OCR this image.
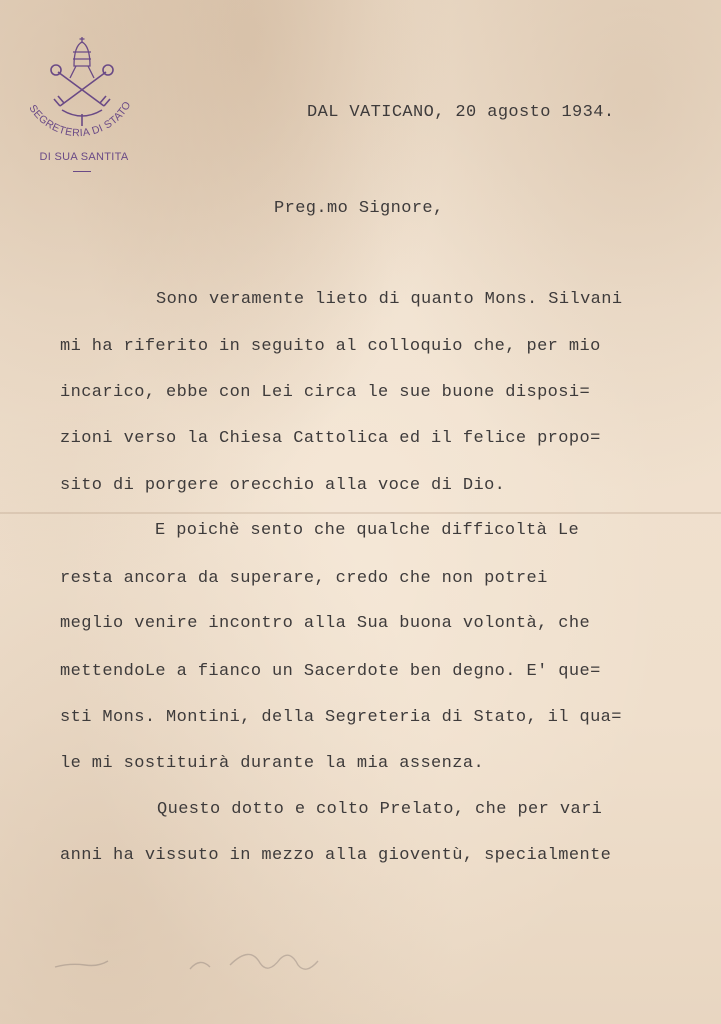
SEGRETERIA DI STATO
DI SUA SANTITA
DAL VATICANO, 20 agosto 1934.
Preg.mo Signore,
Sono veramente lieto di quanto Mons. Silvani
mi ha riferito in seguito al colloquio che, per mio
incarico, ebbe con Lei circa le sue buone disposi=
zioni verso la Chiesa Cattolica ed il felice propo=
sito di porgere orecchio alla voce di Dio.
E poichè sento che qualche difficoltà Le
resta ancora da superare, credo che non potrei
meglio venire incontro alla Sua buona volontà, che
mettendoLe a fianco un Sacerdote ben degno. E' que=
sti Mons. Montini, della Segreteria di Stato, il qua=
le mi sostituirà durante la mia assenza.
Questo dotto e colto Prelato, che per vari
anni ha vissuto in mezzo alla gioventù, specialmente
